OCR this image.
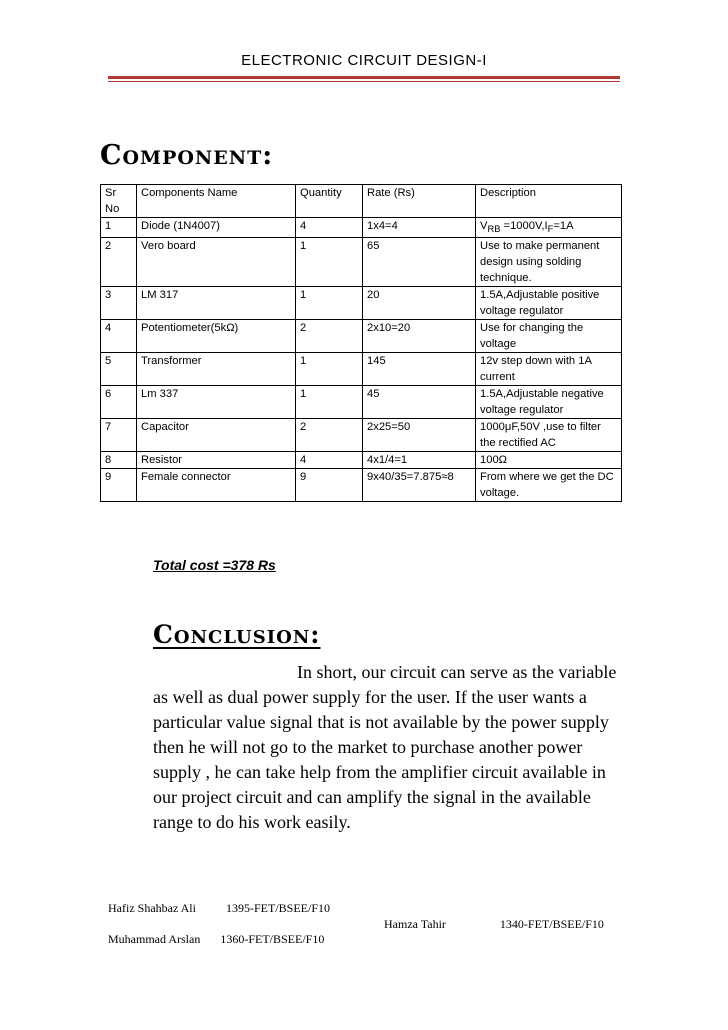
ELECTRONIC CIRCUIT DESIGN-I
Component:
Sr No	Components Name	Quantity	Rate (Rs)	Description
1	Diode (1N4007)	4	1x4=4	$V_{RB} =1000V,I_F=1A$
2	Vero board	1	65	Use to make permanent design using solding technique.
3	LM 317	1	20	1.5A,Adjustable positive voltage regulator
4	Potentiometer(5kΩ)	2	2x10=20	Use for changing the voltage
5	Transformer	1	145	12v step down with 1A current
6	Lm 337	1	45	1.5A,Adjustable negative voltage regulator
7	Capacitor	2	2x25=50	1000μF,50V ,use to filter the rectified AC
8	Resistor	4	4x1/4=1	100Ω
9	Female connector	9	9x40/35=7.875≈8	From where we get the DC voltage.
Total cost =378 Rs
Conclusion:
In short, our circuit can serve as the variable as well as dual power supply for the user. If the user wants a particular value signal that is not available by the power supply then he will not go to the market to purchase another power supply , he can take help from the amplifier circuit available in our project circuit and can amplify the signal in the available range to do his work easily.
Hafiz Shahbaz Ali	1395-FET/BSEE/F10
Hamza Tahir	1340-FET/BSEE/F10
Muhammad Arslan 1360-FET/BSEE/F10
